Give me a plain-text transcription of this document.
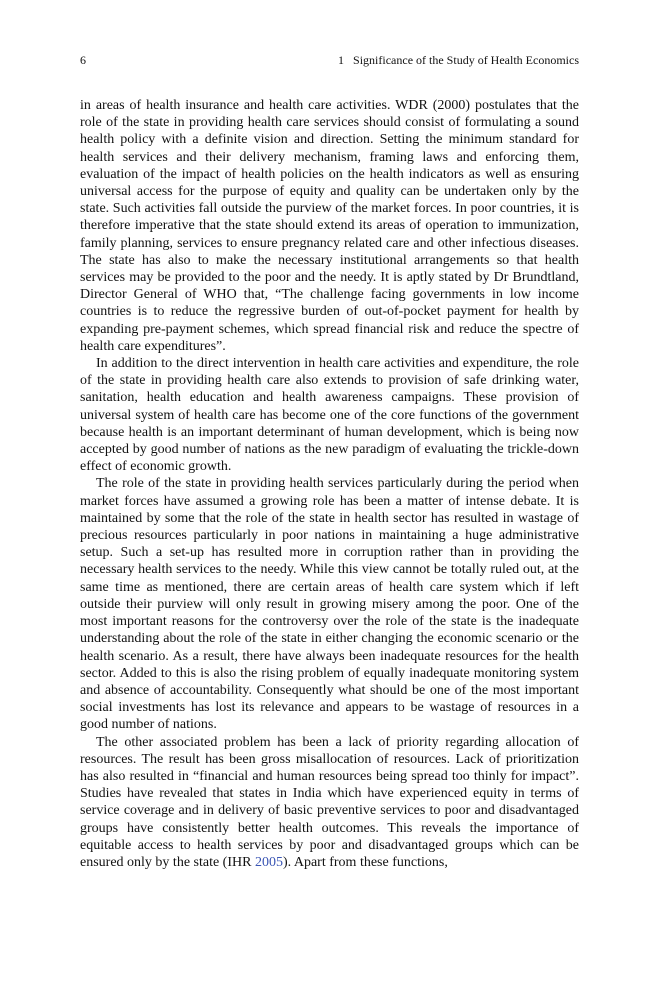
6	1 Significance of the Study of Health Economics

in areas of health insurance and health care activities. WDR (2000) postulates that the role of the state in providing health care services should consist of formulating a sound health policy with a definite vision and direction. Setting the minimum standard for health services and their delivery mechanism, framing laws and enforcing them, evaluation of the impact of health policies on the health indicators as well as ensuring universal access for the purpose of equity and quality can be undertaken only by the state. Such activities fall outside the purview of the market forces. In poor countries, it is therefore imperative that the state should extend its areas of operation to immunization, family planning, services to ensure pregnancy related care and other infectious diseases. The state has also to make the necessary institutional arrangements so that health services may be provided to the poor and the needy. It is aptly stated by Dr Brundtland, Director General of WHO that, “The challenge facing governments in low income countries is to reduce the regressive burden of out-of-pocket payment for health by expanding pre-payment schemes, which spread financial risk and reduce the spectre of health care expenditures”.

In addition to the direct intervention in health care activities and expenditure, the role of the state in providing health care also extends to provision of safe drinking water, sanitation, health education and health awareness campaigns. These provision of universal system of health care has become one of the core functions of the government because health is an important determinant of human development, which is being now accepted by good number of nations as the new paradigm of evaluating the trickle-down effect of economic growth.

The role of the state in providing health services particularly during the period when market forces have assumed a growing role has been a matter of intense debate. It is maintained by some that the role of the state in health sector has resulted in wastage of precious resources particularly in poor nations in maintaining a huge administrative setup. Such a set-up has resulted more in corruption rather than in providing the necessary health services to the needy. While this view cannot be totally ruled out, at the same time as mentioned, there are certain areas of health care system which if left outside their purview will only result in growing misery among the poor. One of the most important reasons for the controversy over the role of the state is the inadequate understanding about the role of the state in either changing the economic scenario or the health scenario. As a result, there have always been inadequate resources for the health sector. Added to this is also the rising problem of equally inadequate monitoring system and absence of accountability. Consequently what should be one of the most important social investments has lost its relevance and appears to be wastage of resources in a good number of nations.

The other associated problem has been a lack of priority regarding allocation of resources. The result has been gross misallocation of resources. Lack of prioritization has also resulted in “financial and human resources being spread too thinly for impact”. Studies have revealed that states in India which have experienced equity in terms of service coverage and in delivery of basic preventive services to poor and disadvantaged groups have consistently better health outcomes. This reveals the importance of equitable access to health services by poor and disadvantaged groups which can be ensured only by the state (IHR 2005). Apart from these functions,
